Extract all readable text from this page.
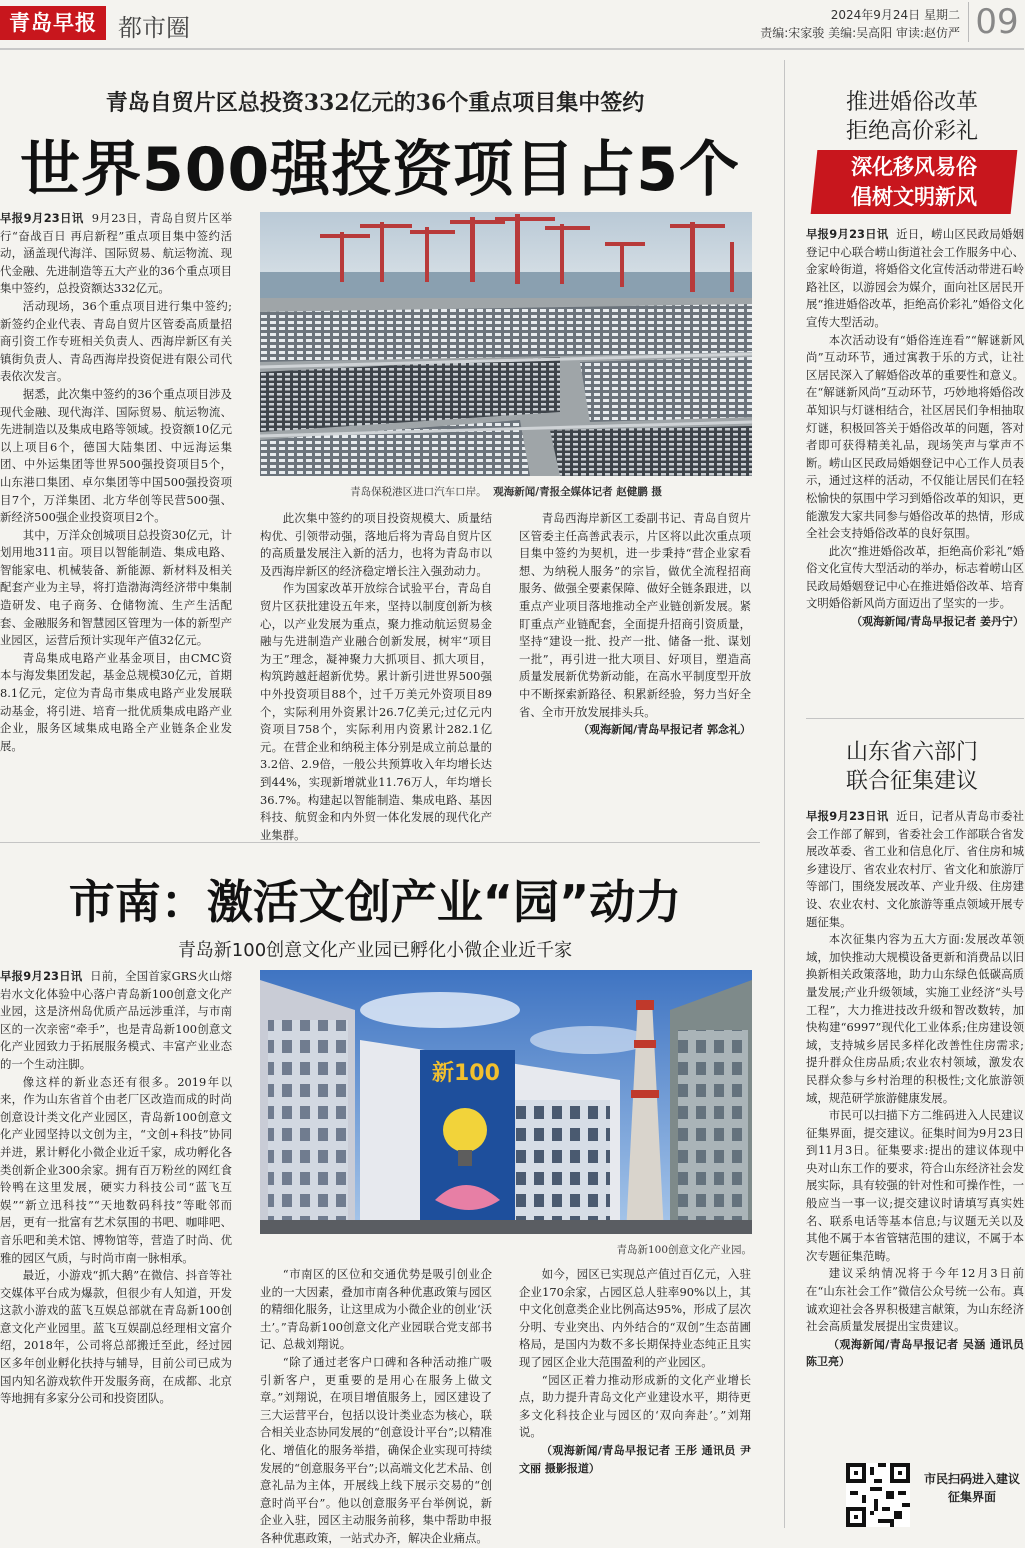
青岛早报 都市圈	2024年9月24日 星期二
责编:宋家骏 美编:吴高阳 审读:赵仿严 09
青岛自贸片区总投资332亿元的36个重点项目集中签约
世界500强投资项目占5个

早报9月23日讯 9月23日，青岛自贸片区举行“奋战百日 再启新程”重点项目集中签约活动，涵盖现代海洋、国际贸易、航运物流、现代金融、先进制造等五大产业的36个重点项目集中签约，总投资额达332亿元。

活动现场，36个重点项目进行集中签约;新签约企业代表、青岛自贸片区管委高质量招商引资工作专班相关负责人、西海岸新区有关镇街负责人、青岛西海岸投资促进有限公司代表依次发言。

据悉，此次集中签约的36个重点项目涉及现代金融、现代海洋、国际贸易、航运物流、先进制造以及集成电路等领域。投资额10亿元以上项目6个，德国大陆集团、中远海运集团、中外运集团等世界500强投资项目5个，山东港口集团、卓尔集团等中国500强投资项目7个，万洋集团、北方华创等民营500强、新经济500强企业投资项目2个。

其中，万洋众创城项目总投资30亿元，计划用地311亩。项目以智能制造、集成电路、智能家电、机械装备、新能源、新材料及相关配套产业为主导，将打造渤海湾经济带中集制造研发、电子商务、仓储物流、生产生活配套、金融服务和智慧园区管理为一体的新型产业园区，运营后预计实现年产值32亿元。

青岛集成电路产业基金项目，由CMC资本与海发集团发起，基金总规模30亿元，首期8.1亿元，定位为青岛市集成电路产业发展联动基金，将引进、培育一批优质集成电路产业企业，服务区域集成电路全产业链条企业发展。

青岛保税港区进口汽车口岸。 观海新闻/青报全媒体记者 赵健鹏 摄

此次集中签约的项目投资规模大、质量结构优、引领带动强，落地后将为青岛自贸片区的高质量发展注入新的活力，也将为青岛市以及西海岸新区的经济稳定增长注入强劲动力。

作为国家改革开放综合试验平台，青岛自贸片区获批建设五年来，坚持以制度创新为核心，以产业发展为重点，聚力推动航运贸易金融与先进制造产业融合创新发展，树牢“项目为王”理念，凝神聚力大抓项目、抓大项目，构筑跨越赶超新优势。累计新引进世界500强中外投资项目88个，过千万美元外资项目89个，实际利用外资累计26.7亿美元;过亿元内资项目758个，实际利用内资累计282.1亿元。在营企业和纳税主体分别是成立前总量的3.2倍、2.9倍，一般公共预算收入年均增长达到44%，实现新增就业11.76万人，年均增长36.7%。构建起以智能制造、集成电路、基因科技、航贸金和内外贸一体化发展的现代化产业集群。

青岛西海岸新区工委副书记、青岛自贸片区管委主任高善武表示，片区将以此次重点项目集中签约为契机，进一步秉持“营企业家看想、为纳税人服务”的宗旨，做优全流程招商服务、做强全要素保障、做好全链条跟进，以重点产业项目落地推动全产业链创新发展。紧盯重点产业链配套，全面提升招商引资质量，坚持“建设一批、投产一批、储备一批、谋划一批”，再引进一批大项目、好项目，塑造高质量发展新优势新动能，在高水平制度型开放中不断探索新路径、积累新经验，努力当好全省、全市开放发展排头兵。

（观海新闻/青岛早报记者 郭念礼）

市南：激活文创产业“园”动力
青岛新100创意文化产业园已孵化小微企业近千家

早报9月23日讯 日前，全国首家GRS火山熔岩水文化体验中心落户青岛新100创意文化产业园，这是济州岛优质产品远涉重洋，与市南区的一次亲密“牵手”，也是青岛新100创意文化产业园致力于拓展服务模式、丰富产业业态的一个生动注脚。

像这样的新业态还有很多。2019年以来，作为山东省首个由老厂区改造而成的时尚创意设计类文化产业园区，青岛新100创意文化产业园坚持以文创为主，“文创+科技”协同并进，累计孵化小微企业近千家，成功孵化各类创新企业300余家。拥有百万粉丝的网红食铃鸭在这里发展，硬实力科技公司“蓝飞互娱”“新立迅科技”“天地数码科技”等毗邻而居，更有一批富有艺术氛围的书吧、咖啡吧、音乐吧和美术馆、博物馆等，营造了时尚、优雅的园区气质，与时尚市南一脉相承。

最近，小游戏“抓大鹅”在微信、抖音等社交媒体平台成为爆款，但很少有人知道，开发这款小游戏的蓝飞互娱总部就在青岛新100创意文化产业园里。蓝飞互娱副总经理相文富介绍，2018年，公司将总部搬迁至此，经过园区多年创业孵化扶持与辅导，目前公司已成为国内知名游戏软件开发服务商，在成都、北京等地拥有多家分公司和投资团队。

新100
青岛新100创意文化产业园。

“市南区的区位和交通优势是吸引创业企业的一大因素，叠加市南各种优惠政策与园区的精细化服务，让这里成为小微企业的创业‘沃土’。”青岛新100创意文化产业园联合党支部书记、总裁刘翔说。

“除了通过老客户口碑和各种活动推广吸引新客户，更重要的是用心在服务上做文章。”刘翔说，在项目增值服务上，园区建设了三大运营平台，包括以设计类业态为核心，联合相关业态协同发展的“创意设计平台”;以精准化、增值化的服务举措，确保企业实现可持续发展的“创意服务平台”;以高端文化艺术品、创意礼品为主体，开展线上线下展示交易的“创意时尚平台”。他以创意服务平台举例说，新企业入驻，园区主动服务前移，集中帮助申报各种优惠政策，一站式办齐，解决企业痛点。

如今，园区已实现总产值过百亿元，入驻企业170余家，占园区总人驻率90%以上，其中文化创意类企业比例高达95%，形成了层次分明、专业突出、内外结合的“双创”生态苗圃格局，是国内为数不多长期保持业态纯正且实现了园区企业大范围盈利的产业园区。

“园区正着力推动形成新的文化产业增长点，助力提升青岛文化产业建设水平，期待更多文化科技企业与园区的‘双向奔赴’。”刘翔说。

（观海新闻/青岛早报记者 王彤 通讯员 尹文丽 摄影报道）

推进婚俗改革
拒绝高价彩礼
深化移风易俗
倡树文明新风

早报9月23日讯 近日，崂山区民政局婚姻登记中心联合崂山街道社会工作服务中心、金家岭街道，将婚俗文化宣传活动带进石岭路社区，以游园会为媒介，面向社区居民开展“推进婚俗改革，拒绝高价彩礼”婚俗文化宣传大型活动。

本次活动设有“婚俗连连看”“解谜新风尚”互动环节，通过寓教于乐的方式，让社区居民深入了解婚俗改革的重要性和意义。在“解谜新风尚”互动环节，巧妙地将婚俗改革知识与灯谜相结合，社区居民们争相抽取灯谜，积极回答关于婚俗改革的问题，答对者即可获得精美礼品，现场笑声与掌声不断。崂山区民政局婚姻登记中心工作人员表示，通过这样的活动，不仅能让居民们在轻松愉快的氛围中学习到婚俗改革的知识，更能激发大家共同参与婚俗改革的热情，形成全社会支持婚俗改革的良好氛围。

此次“推进婚俗改革，拒绝高价彩礼”婚俗文化宣传大型活动的举办，标志着崂山区民政局婚姻登记中心在推进婚俗改革、培育文明婚俗新风尚方面迈出了坚实的一步。

（观海新闻/青岛早报记者 姜丹宁）

山东省六部门
联合征集建议

早报9月23日讯 近日，记者从青岛市委社会工作部了解到，省委社会工作部联合省发展改革委、省工业和信息化厅、省住房和城乡建设厅、省农业农村厅、省文化和旅游厅等部门，围绕发展改革、产业升级、住房建设、农业农村、文化旅游等重点领域开展专题征集。

本次征集内容为五大方面:发展改革领域，加快推动大规模设备更新和消费品以旧换新相关政策落地，助力山东绿色低碳高质量发展;产业升级领域，实施工业经济“头号工程”，大力推进技改升级和智改数转，加快构建“6997”现代化工业体系;住房建设领域，支持城乡居民多样化改善性住房需求;提升群众住房品质;农业农村领域，激发农民群众参与乡村治理的积极性;文化旅游领域，规范研学旅游健康发展。

市民可以扫描下方二维码进入人民建议征集界面，提交建议。征集时间为9月23日到11月3日。征集要求:提出的建议体现中央对山东工作的要求，符合山东经济社会发展实际，具有较强的针对性和可操作性，一般应当一事一议;提交建议时请填写真实姓名、联系电话等基本信息;与议题无关以及其他不属于本省管辖范围的建议，不属于本次专题征集范畴。

建议采纳情况将于今年12月3日前在“山东社会工作”微信公众号统一公布。真诚欢迎社会各界积极建言献策，为山东经济社会高质量发展提出宝贵建议。

（观海新闻/青岛早报记者 吴涵 通讯员 陈卫亮）

市民扫码进入建议征集界面
